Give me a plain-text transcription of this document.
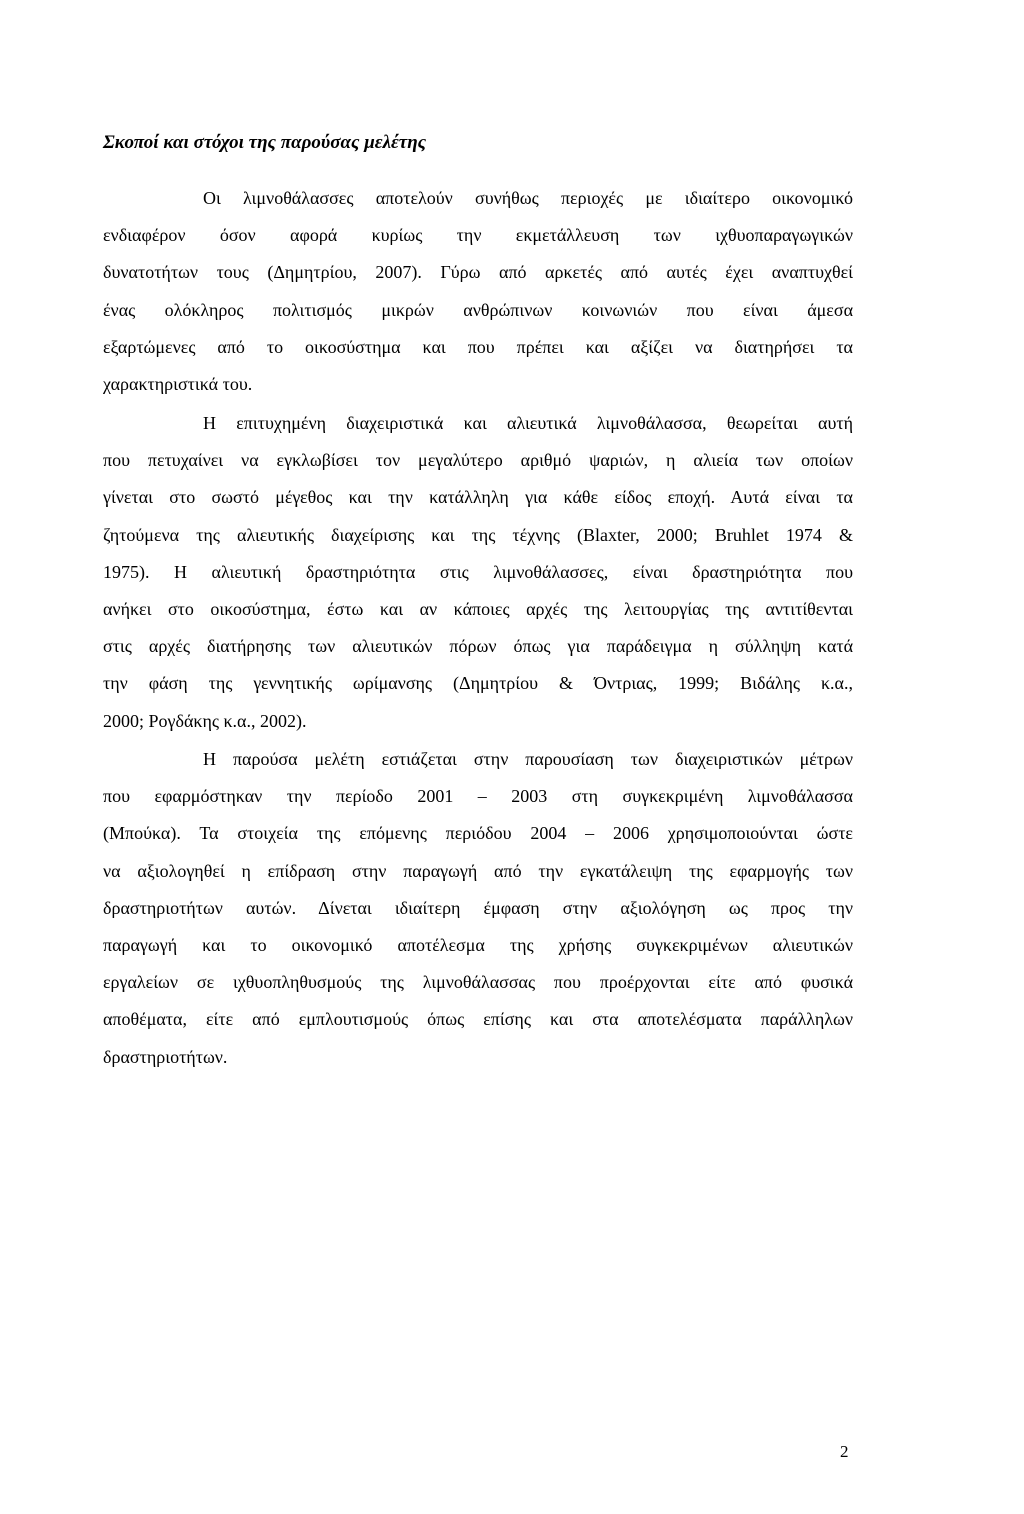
Σκοποί και στόχοι της παρούσας μελέτης
Οι λιμνοθάλασσες αποτελούν συνήθως περιοχές με ιδιαίτερο οικονομικό
ενδιαφέρον όσον αφορά κυρίως την εκμετάλλευση των ιχθυοπαραγωγικών
δυνατοτήτων τους (Δημητρίου, 2007). Γύρω από αρκετές από αυτές έχει αναπτυχθεί
ένας ολόκληρος πολιτισμός μικρών ανθρώπινων κοινωνιών που είναι άμεσα
εξαρτώμενες από το οικοσύστημα και που πρέπει και αξίζει να διατηρήσει τα
χαρακτηριστικά του.
Η επιτυχημένη διαχειριστικά και αλιευτικά λιμνοθάλασσα, θεωρείται αυτή
που πετυχαίνει να εγκλωβίσει τον μεγαλύτερο αριθμό ψαριών, η αλιεία των οποίων
γίνεται στο σωστό μέγεθος και την κατάλληλη για κάθε είδος εποχή. Αυτά είναι τα
ζητούμενα της αλιευτικής διαχείρισης και της τέχνης (Blaxter, 2000; Bruhlet 1974 &
1975). Η αλιευτική δραστηριότητα στις λιμνοθάλασσες, είναι δραστηριότητα που
ανήκει στο οικοσύστημα, έστω και αν κάποιες αρχές της λειτουργίας της αντιτίθενται
στις αρχές διατήρησης των αλιευτικών πόρων όπως για παράδειγμα η σύλληψη κατά
την φάση της γεννητικής ωρίμανσης (Δημητρίου & Όντριας, 1999; Βιδάλης κ.α.,
2000; Ρογδάκης κ.α., 2002).
Η παρούσα μελέτη εστιάζεται στην παρουσίαση των διαχειριστικών μέτρων
που εφαρμόστηκαν την περίοδο 2001 – 2003 στη συγκεκριμένη λιμνοθάλασσα
(Μπούκα). Τα στοιχεία της επόμενης περιόδου 2004 – 2006 χρησιμοποιούνται ώστε
να αξιολογηθεί η επίδραση στην παραγωγή από την εγκατάλειψη της εφαρμογής των
δραστηριοτήτων αυτών. Δίνεται ιδιαίτερη έμφαση στην αξιολόγηση ως προς την
παραγωγή και το οικονομικό αποτέλεσμα της χρήσης συγκεκριμένων αλιευτικών
εργαλείων σε ιχθυοπληθυσμούς της λιμνοθάλασσας που προέρχονται είτε από φυσικά
αποθέματα, είτε από εμπλουτισμούς όπως επίσης και στα αποτελέσματα παράλληλων
δραστηριοτήτων.
2
